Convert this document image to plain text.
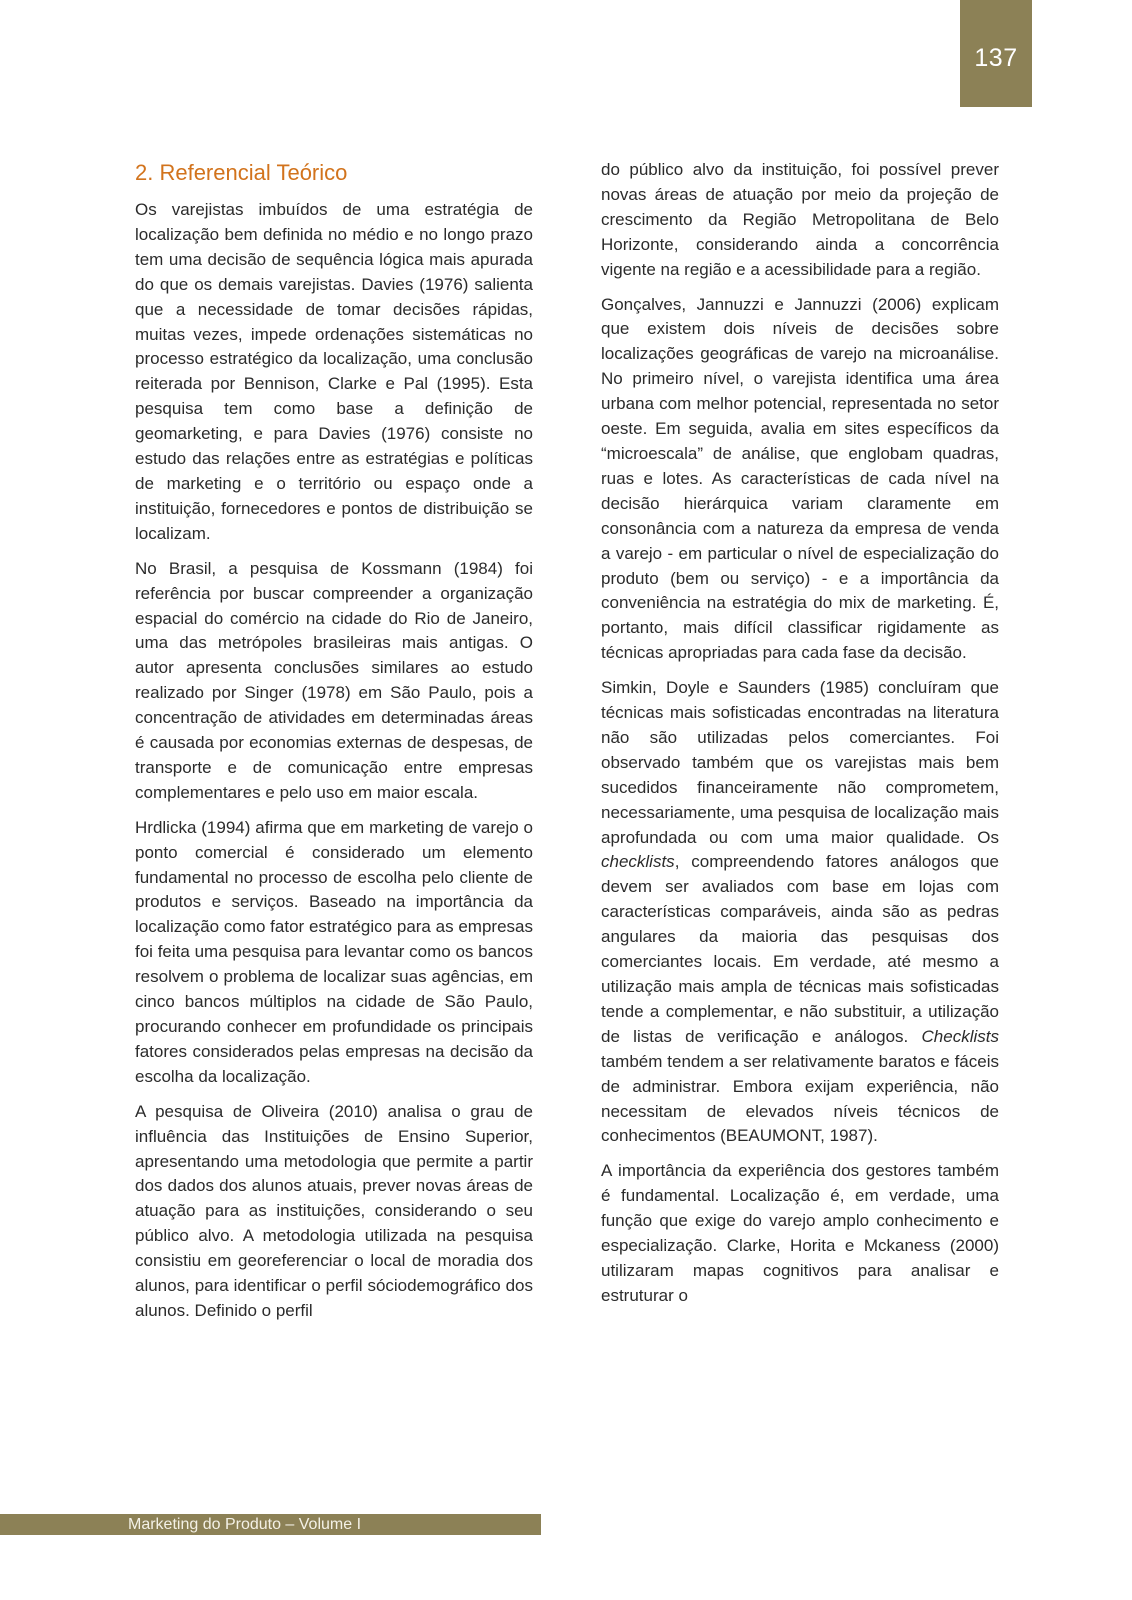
137
2. Referencial Teórico

Os varejistas imbuídos de uma estratégia de localização bem definida no médio e no longo prazo tem uma decisão de sequência lógica mais apurada do que os demais varejistas. Davies (1976) salienta que a necessidade de tomar decisões rápidas, muitas vezes, impede ordenações sistemáticas no processo estratégico da localização, uma conclusão reiterada por Bennison, Clarke e Pal (1995). Esta pesquisa tem como base a definição de geomarketing, e para Davies (1976) consiste no estudo das relações entre as estratégias e políticas de marketing e o território ou espaço onde a instituição, fornecedores e pontos de distribuição se localizam.

No Brasil, a pesquisa de Kossmann (1984) foi referência por buscar compreender a organização espacial do comércio na cidade do Rio de Janeiro, uma das metrópoles brasileiras mais antigas. O autor apresenta conclusões similares ao estudo realizado por Singer (1978) em São Paulo, pois a concentração de atividades em determinadas áreas é causada por economias externas de despesas, de transporte e de comunicação entre empresas complementares e pelo uso em maior escala.

Hrdlicka (1994) afirma que em marketing de varejo o ponto comercial é considerado um elemento fundamental no processo de escolha pelo cliente de produtos e serviços. Baseado na importância da localização como fator estratégico para as empresas foi feita uma pesquisa para levantar como os bancos resolvem o problema de localizar suas agências, em cinco bancos múltiplos na cidade de São Paulo, procurando conhecer em profundidade os principais fatores considerados pelas empresas na decisão da escolha da localização.

A pesquisa de Oliveira (2010) analisa o grau de influência das Instituições de Ensino Superior, apresentando uma metodologia que permite a partir dos dados dos alunos atuais, prever novas áreas de atuação para as instituições, considerando o seu público alvo. A metodologia utilizada na pesquisa consistiu em georeferenciar o local de moradia dos alunos, para identificar o perfil sóciodemográfico dos alunos. Definido o perfil

do público alvo da instituição, foi possível prever novas áreas de atuação por meio da projeção de crescimento da Região Metropolitana de Belo Horizonte, considerando ainda a concorrência vigente na região e a acessibilidade para a região.

Gonçalves, Jannuzzi e Jannuzzi (2006) explicam que existem dois níveis de decisões sobre localizações geográficas de varejo na microanálise. No primeiro nível, o varejista identifica uma área urbana com melhor potencial, representada no setor oeste. Em seguida, avalia em sites específicos da “microescala” de análise, que englobam quadras, ruas e lotes. As características de cada nível na decisão hierárquica variam claramente em consonância com a natureza da empresa de venda a varejo - em particular o nível de especialização do produto (bem ou serviço) - e a importância da conveniência na estratégia do mix de marketing. É, portanto, mais difícil classificar rigidamente as técnicas apropriadas para cada fase da decisão.

Simkin, Doyle e Saunders (1985) concluíram que técnicas mais sofisticadas encontradas na literatura não são utilizadas pelos comerciantes. Foi observado também que os varejistas mais bem sucedidos financeiramente não comprometem, necessariamente, uma pesquisa de localização mais aprofundada ou com uma maior qualidade. Os checklists, compreendendo fatores análogos que devem ser avaliados com base em lojas com características comparáveis, ainda são as pedras angulares da maioria das pesquisas dos comerciantes locais. Em verdade, até mesmo a utilização mais ampla de técnicas mais sofisticadas tende a complementar, e não substituir, a utilização de listas de verificação e análogos. Checklists também tendem a ser relativamente baratos e fáceis de administrar. Embora exijam experiência, não necessitam de elevados níveis técnicos de conhecimentos (BEAUMONT, 1987).

A importância da experiência dos gestores também é fundamental. Localização é, em verdade, uma função que exige do varejo amplo conhecimento e especialização. Clarke, Horita e Mckaness (2000) utilizaram mapas cognitivos para analisar e estruturar o

Marketing do Produto – Volume I
